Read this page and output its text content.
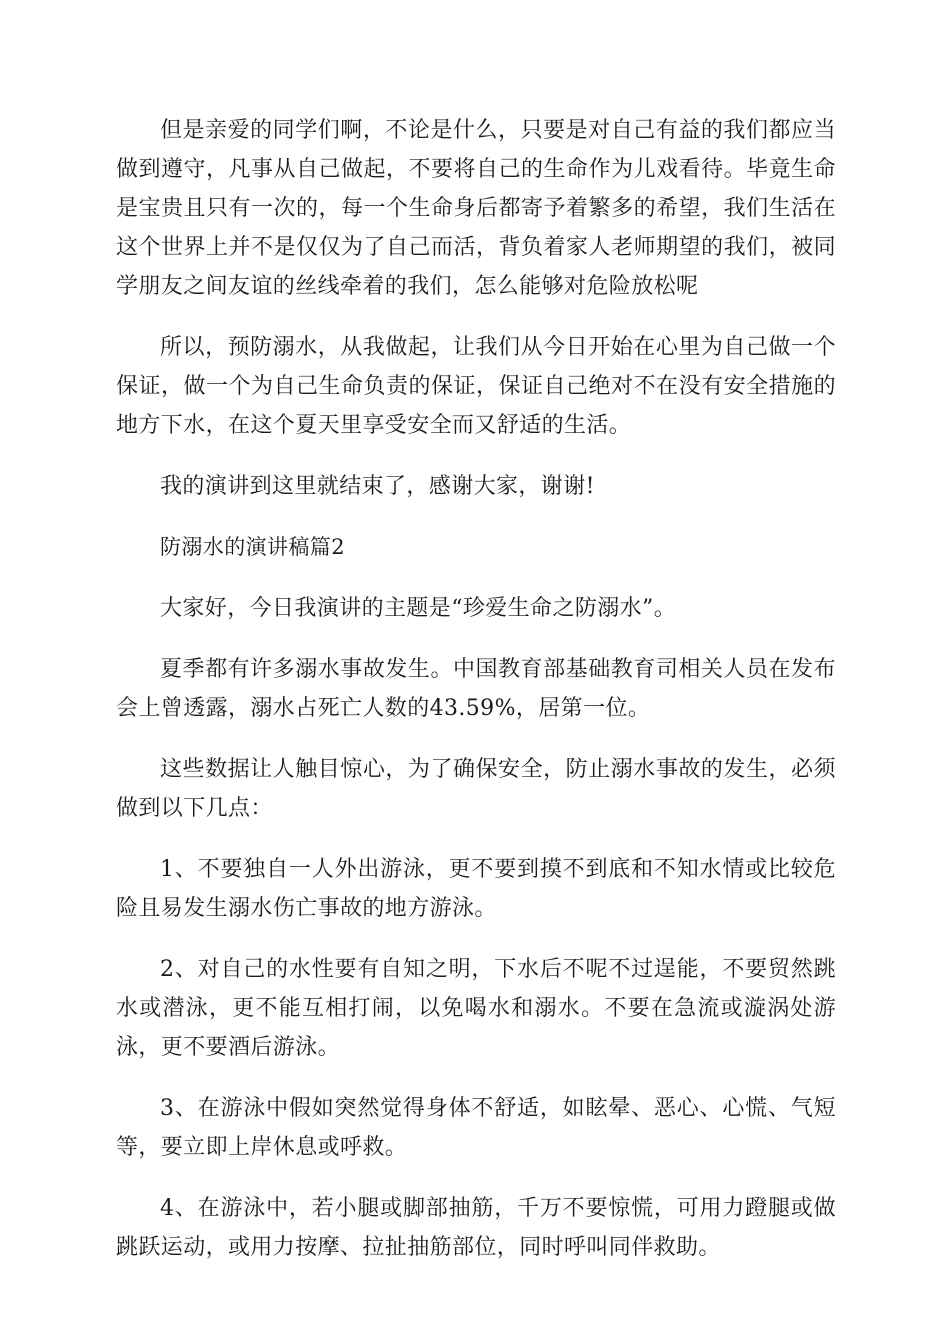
但是亲爱的同学们啊，不论是什么，只要是对自己有益的我们都应当做到遵守，凡事从自己做起，不要将自己的生命作为儿戏看待。毕竟生命是宝贵且只有一次的，每一个生命身后都寄予着繁多的希望，我们生活在这个世界上并不是仅仅为了自己而活，背负着家人老师期望的我们，被同学朋友之间友谊的丝线牵着的我们，怎么能够对危险放松呢

所以，预防溺水，从我做起，让我们从今日开始在心里为自己做一个保证，做一个为自己生命负责的保证，保证自己绝对不在没有安全措施的地方下水，在这个夏天里享受安全而又舒适的生活。

我的演讲到这里就结束了，感谢大家，谢谢!

防溺水的演讲稿篇2

大家好，今日我演讲的主题是“珍爱生命之防溺水”。

夏季都有许多溺水事故发生。中国教育部基础教育司相关人员在发布会上曾透露，溺水占死亡人数的43.59%，居第一位。

这些数据让人触目惊心，为了确保安全，防止溺水事故的发生，必须做到以下几点：

1、不要独自一人外出游泳，更不要到摸不到底和不知水情或比较危险且易发生溺水伤亡事故的地方游泳。

2、对自己的水性要有自知之明，下水后不呢不过逞能，不要贸然跳水或潜泳，更不能互相打闹，以免喝水和溺水。不要在急流或漩涡处游泳，更不要酒后游泳。

3、在游泳中假如突然觉得身体不舒适，如眩晕、恶心、心慌、气短等，要立即上岸休息或呼救。

4、在游泳中，若小腿或脚部抽筋，千万不要惊慌，可用力蹬腿或做跳跃运动，或用力按摩、拉扯抽筋部位，同时呼叫同伴救助。
